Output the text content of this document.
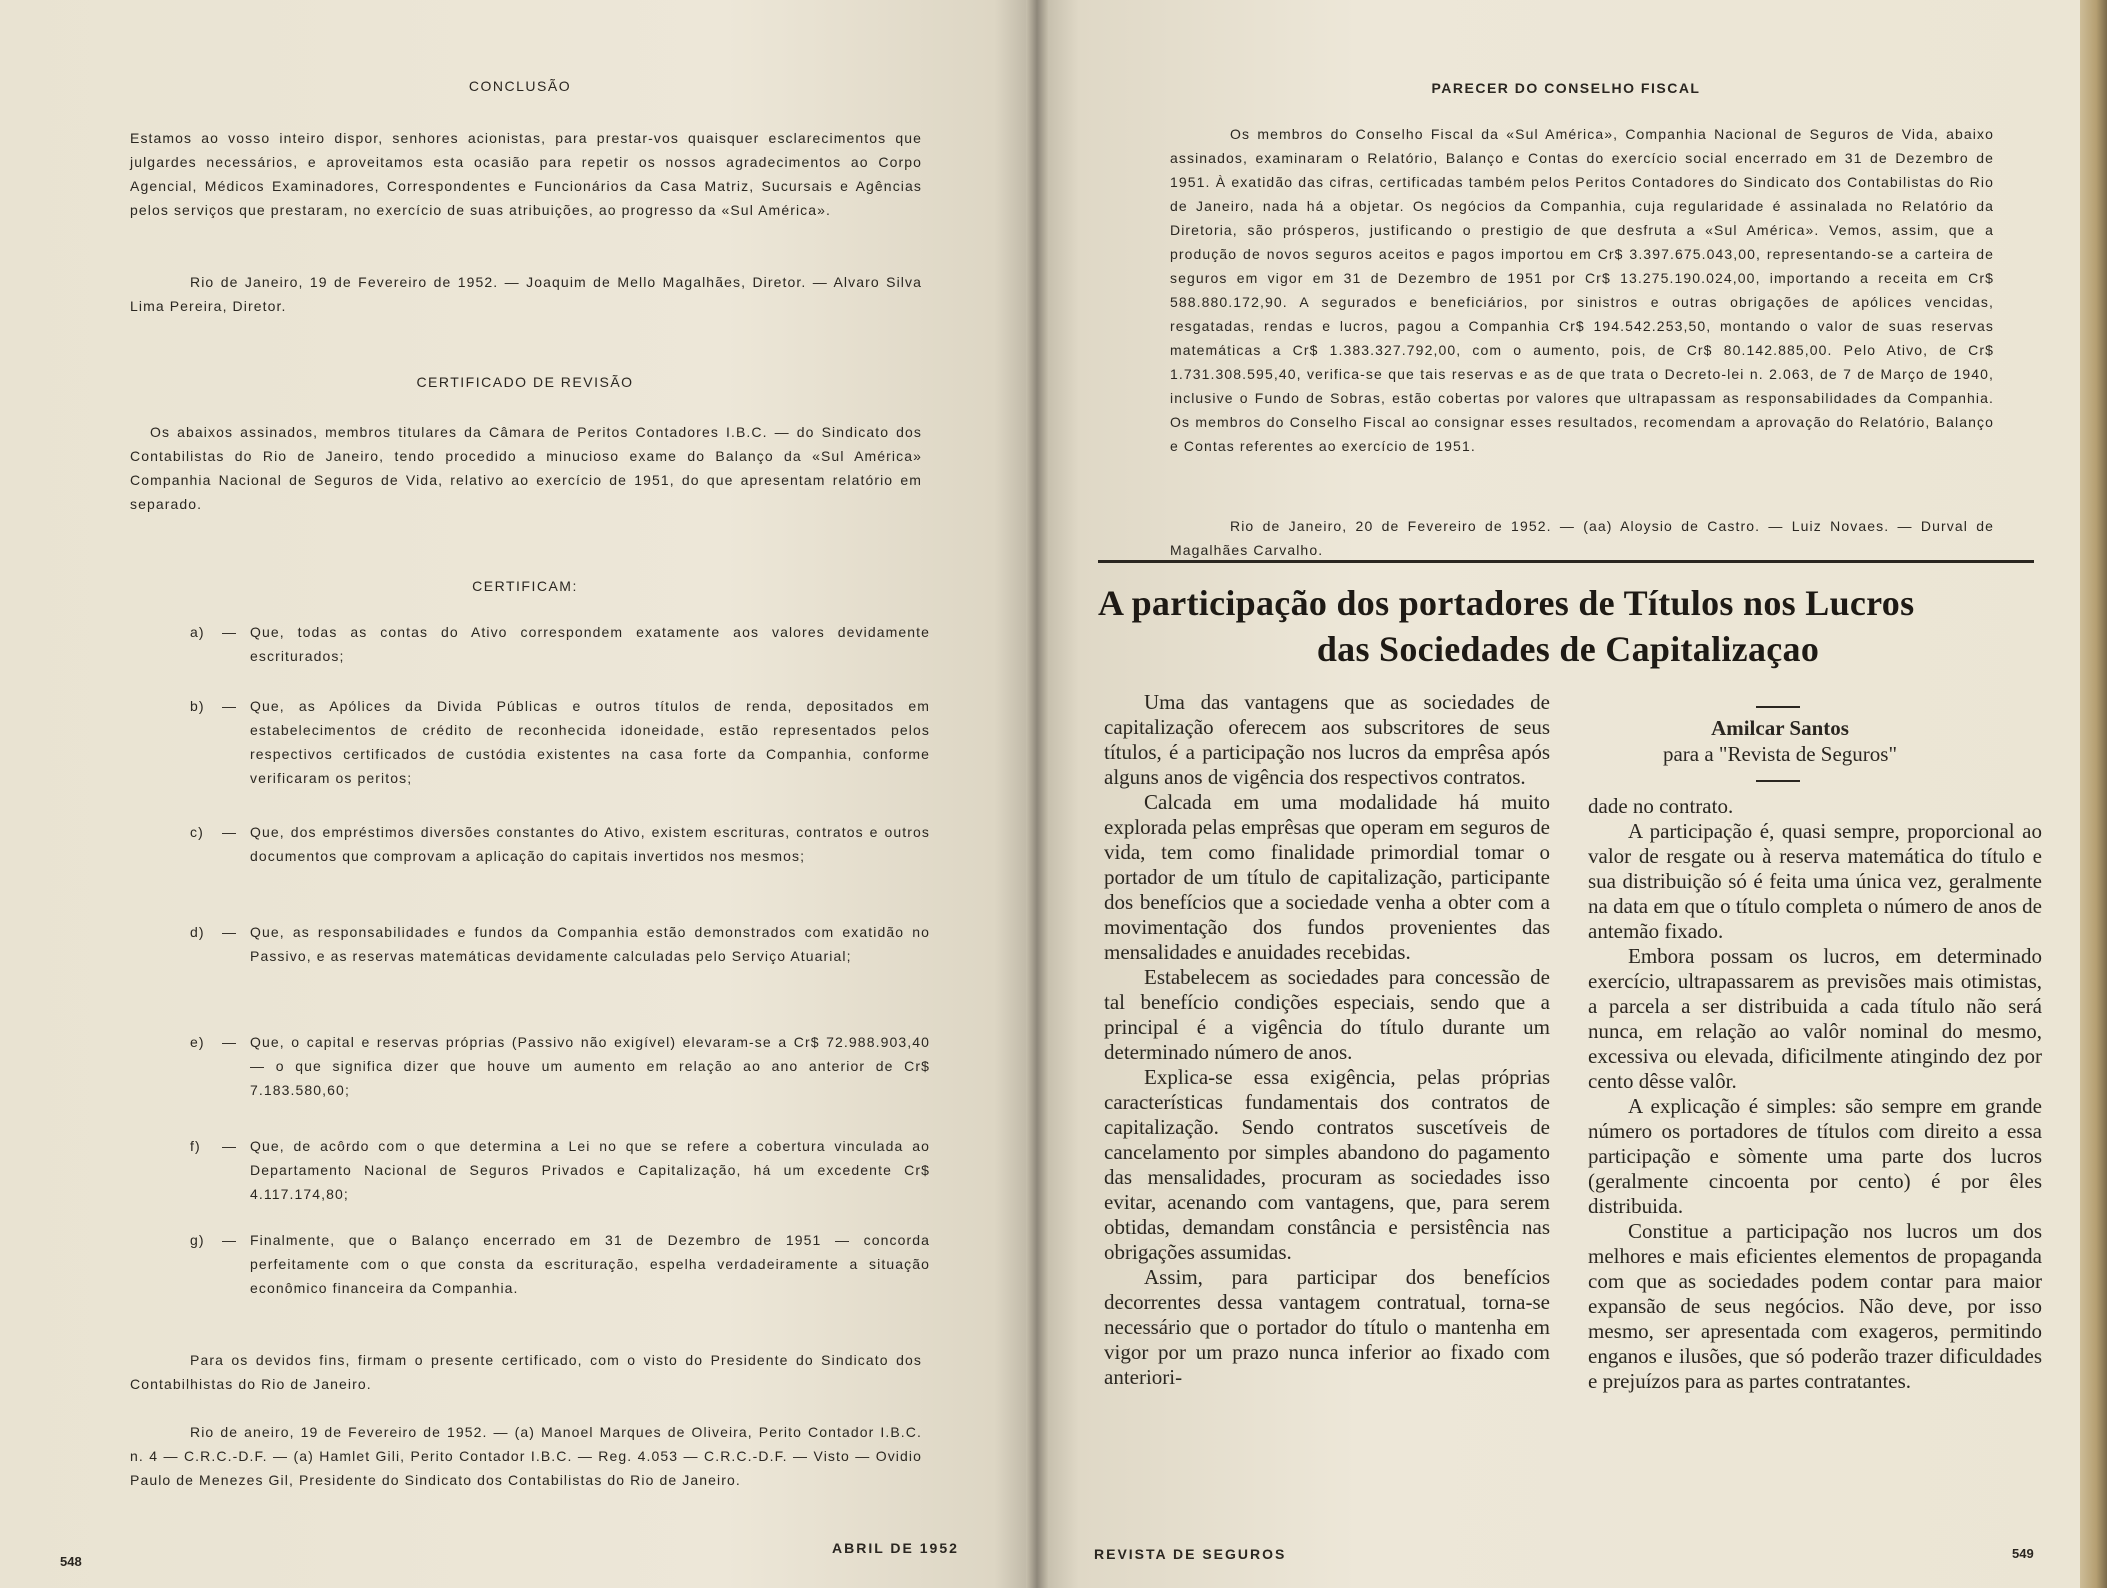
CONCLUSÃO
Estamos ao vosso inteiro dispor, senhores acionistas, para prestar-vos quaisquer esclarecimentos que julgardes necessários, e aproveitamos esta ocasião para repetir os nossos agradecimentos ao Corpo Agencial, Médicos Examinadores, Correspondentes e Funcionários da Casa Matriz, Sucursais e Agências pelos serviços que prestaram, no exercício de suas atribuições, ao progresso da «Sul América».
Rio de Janeiro, 19 de Fevereiro de 1952. — Joaquim de Mello Magalhães, Diretor. — Alvaro Silva Lima Pereira, Diretor.
CERTIFICADO DE REVISÃO
Os abaixos assinados, membros titulares da Câmara de Peritos Contadores I.B.C. — do Sindicato dos Contabilistas do Rio de Janeiro, tendo procedido a minucioso exame do Balanço da «Sul América» Companhia Nacional de Seguros de Vida, relativo ao exercício de 1951, do que apresentam relatório em separado.
CERTIFICAM:
a) — Que, todas as contas do Ativo correspondem exatamente aos valores devidamente escriturados;
b) — Que, as Apólices da Divida Públicas e outros títulos de renda, depositados em estabelecimentos de crédito de reconhecida idoneidade, estão representados pelos respectivos certificados de custódia existentes na casa forte da Companhia, conforme verificaram os peritos;
c) — Que, dos empréstimos diversões constantes do Ativo, existem escrituras, contratos e outros documentos que comprovam a aplicação do capitais invertidos nos mesmos;
d) — Que, as responsabilidades e fundos da Companhia estão demonstrados com exatidão no Passivo, e as reservas matemáticas devidamente calculadas pelo Serviço Atuarial;
e) — Que, o capital e reservas próprias (Passivo não exigível) elevaram-se a Cr$ 72.988.903,40 — o que significa dizer que houve um aumento em relação ao ano anterior de Cr$ 7.183.580,60;
f) — Que, de acôrdo com o que determina a Lei no que se refere a cobertura vinculada ao Departamento Nacional de Seguros Privados e Capitalização, há um excedente Cr$ 4.117.174,80;
g) — Finalmente, que o Balanço encerrado em 31 de Dezembro de 1951 — concorda perfeitamente com o que consta da escrituração, espelha verdadeiramente a situação econômico financeira da Companhia.
Para os devidos fins, firmam o presente certificado, com o visto do Presidente do Sindicato dos Contabilhistas do Rio de Janeiro.
Rio de aneiro, 19 de Fevereiro de 1952. — (a) Manoel Marques de Oliveira, Perito Contador I.B.C. n. 4 — C.R.C.-D.F. — (a) Hamlet Gili, Perito Contador I.B.C. — Reg. 4.053 — C.R.C.-D.F. — Visto — Ovidio Paulo de Menezes Gil, Presidente do Sindicato dos Contabilistas do Rio de Janeiro.
548
ABRIL DE 1952
PARECER DO CONSELHO FISCAL
Os membros do Conselho Fiscal da «Sul América», Companhia Nacional de Seguros de Vida, abaixo assinados, examinaram o Relatório, Balanço e Contas do exercício social encerrado em 31 de Dezembro de 1951. À exatidão das cifras, certificadas também pelos Peritos Contadores do Sindicato dos Contabilistas do Rio de Janeiro, nada há a objetar. Os negócios da Companhia, cuja regularidade é assinalada no Relatório da Diretoria, são prósperos, justificando o prestigio de que desfruta a «Sul América». Vemos, assim, que a produção de novos seguros aceitos e pagos importou em Cr$ 3.397.675.043,00, representando-se a carteira de seguros em vigor em 31 de Dezembro de 1951 por Cr$ 13.275.190.024,00, importando a receita em Cr$ 588.880.172,90. A segurados e beneficiários, por sinistros e outras obrigações de apólices vencidas, resgatadas, rendas e lucros, pagou a Companhia Cr$ 194.542.253,50, montando o valor de suas reservas matemáticas a Cr$ 1.383.327.792,00, com o aumento, pois, de Cr$ 80.142.885,00. Pelo Ativo, de Cr$ 1.731.308.595,40, verifica-se que tais reservas e as de que trata o Decreto-lei n. 2.063, de 7 de Março de 1940, inclusive o Fundo de Sobras, estão cobertas por valores que ultrapassam as responsabilidades da Companhia. Os membros do Conselho Fiscal ao consignar esses resultados, recomendam a aprovação do Relatório, Balanço e Contas referentes ao exercício de 1951.
Rio de Janeiro, 20 de Fevereiro de 1952. — (aa) Aloysio de Castro. — Luiz Novaes. — Durval de Magalhães Carvalho.
A participação dos portadores de Títulos nos Lucros
das Sociedades de Capitalizaçao

Uma das vantagens que as sociedades de capitalização oferecem aos subscritores de seus títulos, é a participação nos lucros da emprêsa após alguns anos de vigência dos respectivos contratos.

Calcada em uma modalidade há muito explorada pelas emprêsas que operam em seguros de vida, tem como finalidade primordial tomar o portador de um título de capitalização, participante dos benefícios que a sociedade venha a obter com a movimentação dos fundos provenientes das mensalidades e anuidades recebidas.

Estabelecem as sociedades para concessão de tal benefício condições especiais, sendo que a principal é a vigência do título durante um determinado número de anos.

Explica-se essa exigência, pelas próprias características fundamentais dos contratos de capitalização. Sendo contratos suscetíveis de cancelamento por simples abandono do pagamento das mensalidades, procuram as sociedades isso evitar, acenando com vantagens, que, para serem obtidas, demandam constância e persistência nas obrigações assumidas.

Assim, para participar dos benefícios decorrentes dessa vantagem contratual, torna-se necessário que o portador do título o mantenha em vigor por um prazo nunca inferior ao fixado com anteriori-

Amilcar Santos
para a "Revista de Seguros"

dade no contrato.

A participação é, quasi sempre, proporcional ao valor de resgate ou à reserva matemática do título e sua distribuição só é feita uma única vez, geralmente na data em que o título completa o número de anos de antemão fixado.

Embora possam os lucros, em determinado exercício, ultrapassarem as previsões mais otimistas, a parcela a ser distribuida a cada título não será nunca, em relação ao valôr nominal do mesmo, excessiva ou elevada, dificilmente atingindo dez por cento dêsse valôr.

A explicação é simples: são sempre em grande número os portadores de títulos com direito a essa participação e sòmente uma parte dos lucros (geralmente cincoenta por cento) é por êles distribuida.

Constitue a participação nos lucros um dos melhores e mais eficientes elementos de propaganda com que as sociedades podem contar para maior expansão de seus negócios. Não deve, por isso mesmo, ser apresentada com exageros, permitindo enganos e ilusões, que só poderão trazer dificuldades e prejuízos para as partes contratantes.

REVISTA DE SEGUROS	549
